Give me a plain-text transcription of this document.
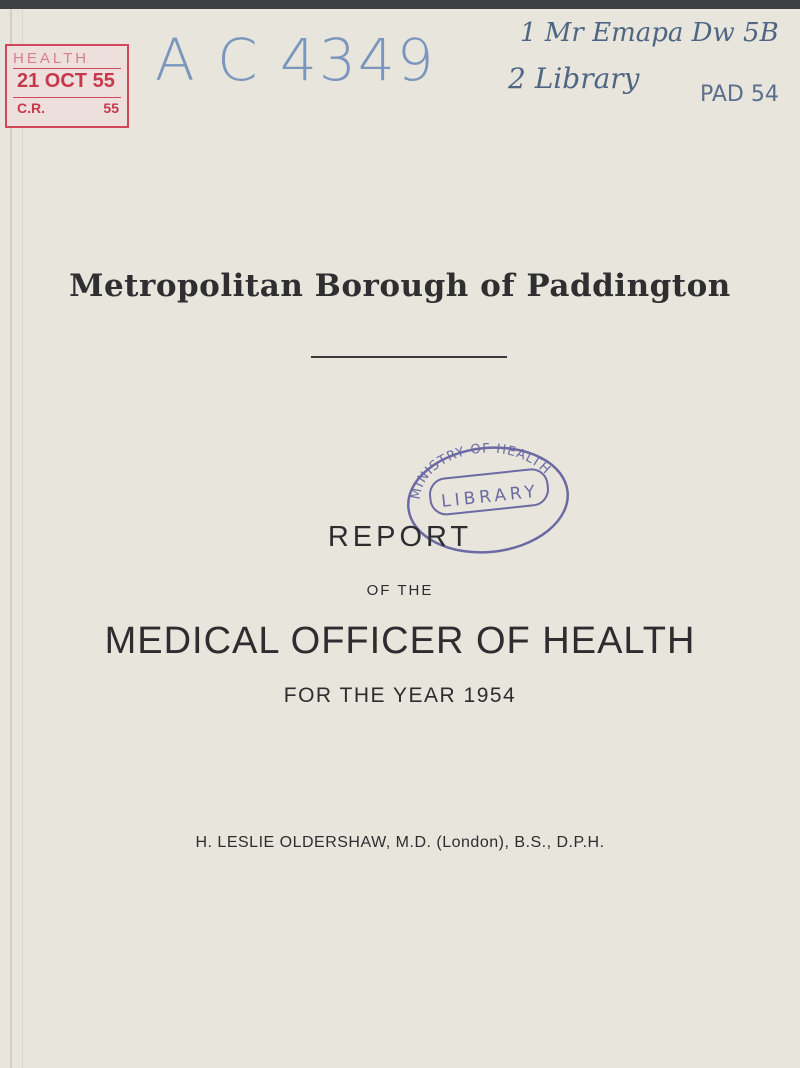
HEALTH
21 OCT 55
C.R.	55
A C 4349	1 Mr Emapa Dw 5B
2 Library	PAD 54
Metropolitan Borough of Paddington
MINISTRY OF HEALTH
LIBRARY
REPORT
OF THE
MEDICAL OFFICER OF HEALTH
FOR THE YEAR 1954
H. LESLIE OLDERSHAW, M.D. (London), B.S., D.P.H.
